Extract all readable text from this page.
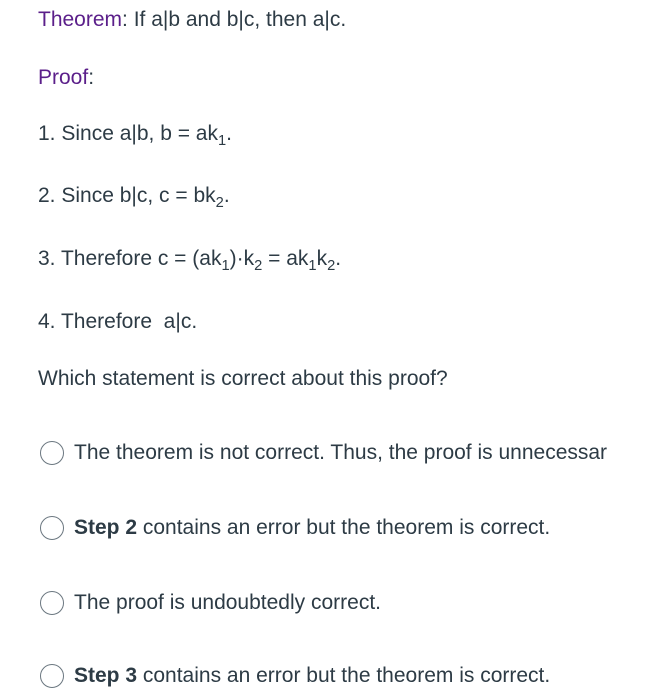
Theorem: If a|b and b|c, then a|c.
Proof:
1. Since a|b, $b = ak_1$.
2. Since b|c, $c = bk_2$.
3. Therefore $c = (ak_1)\cdot k_2 = ak_1k_2$.
4. Therefore  a|c.
Which statement is correct about this proof?
The theorem is not correct. Thus, the proof is unnecessar
Step 2 contains an error but the theorem is correct.
The proof is undoubtedly correct.
Step 3 contains an error but the theorem is correct.
